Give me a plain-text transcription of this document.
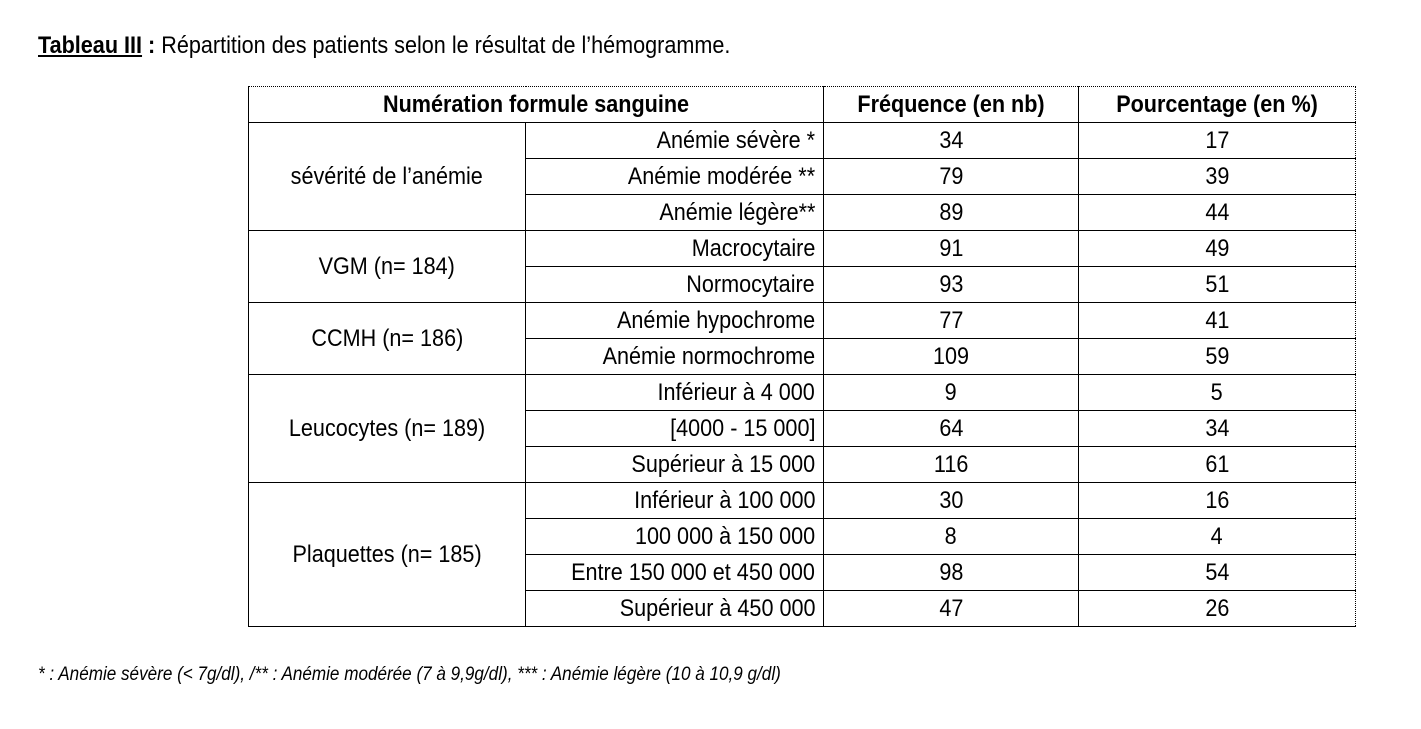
Tableau III : Répartition des patients selon le résultat de l’hémogramme.
Numération formule sanguine		Fréquence (en nb)	Pourcentage (en %)
sévérité de l’anémie	Anémie sévère *	34	17
	Anémie modérée **	79	39
	Anémie légère**	89	44
VGM (n= 184)	Macrocytaire	91	49
	Normocytaire	93	51
CCMH (n= 186)	Anémie hypochrome	77	41
	Anémie normochrome	109	59
Leucocytes (n= 189)	Inférieur à 4 000	9	5
	[4000 - 15 000]	64	34
	Supérieur à 15 000	116	61
Plaquettes (n= 185)	Inférieur à 100 000	30	16
	100 000 à 150 000	8	4
	Entre 150 000 et 450 000	98	54
	Supérieur à 450 000	47	26
* : Anémie sévère (< 7g/dl), /** : Anémie modérée (7 à 9,9g/dl), *** : Anémie légère (10 à 10,9 g/dl)
